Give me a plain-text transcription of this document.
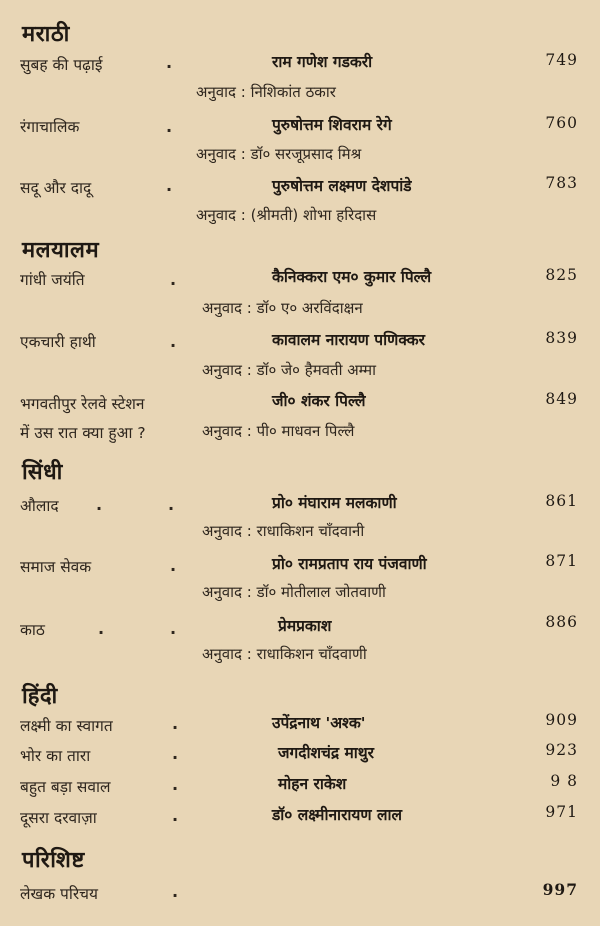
मराठी
सुबह की पढ़ाई	.	राम गणेश गडकरी	749
अनुवाद : निशिकांत ठकार
रंगाचालिक	.	पुरुषोत्तम शिवराम रेगे	760
अनुवाद : डॉ० सरजूप्रसाद मिश्र
सदू और दादू	.	पुरुषोत्तम लक्ष्मण देशपांडे	783
अनुवाद : (श्रीमती) शोभा हरिदास
मलयालम
गांधी जयंति	.	कैनिक्करा एम० कुमार पिल्लै	825
अनुवाद : डॉ० ए० अरविंदाक्षन
एकचारी हाथी	.	कावालम नारायण पणिक्कर	839
अनुवाद : डॉ० जे० हैमवती अम्मा
भगवतीपुर रेलवे स्टेशन	जी० शंकर पिल्लै	849
में उस रात क्या हुआ ?	अनुवाद : पी० माधवन पिल्लै
सिंधी
औलाद .	.	प्रो० मंघाराम मलकाणी	861
अनुवाद : राधाकिशन चाँदवानी
समाज सेवक	.	प्रो० रामप्रताप राय पंजवाणी	871
अनुवाद : डॉ० मोतीलाल जोतवाणी
काठ	.	.	प्रेमप्रकाश	886
अनुवाद : राधाकिशन चाँदवाणी
हिंदी
लक्ष्मी का स्वागत	.	उपेंद्रनाथ 'अश्क'	909
भोर का तारा	.	जगदीशचंद्र माथुर	923
बहुत बड़ा सवाल	.	मोहन राकेश	9 8
दूसरा दरवाज़ा	.	डॉ० लक्ष्मीनारायण लाल	971
परिशिष्ट
लेखक परिचय	.	997
